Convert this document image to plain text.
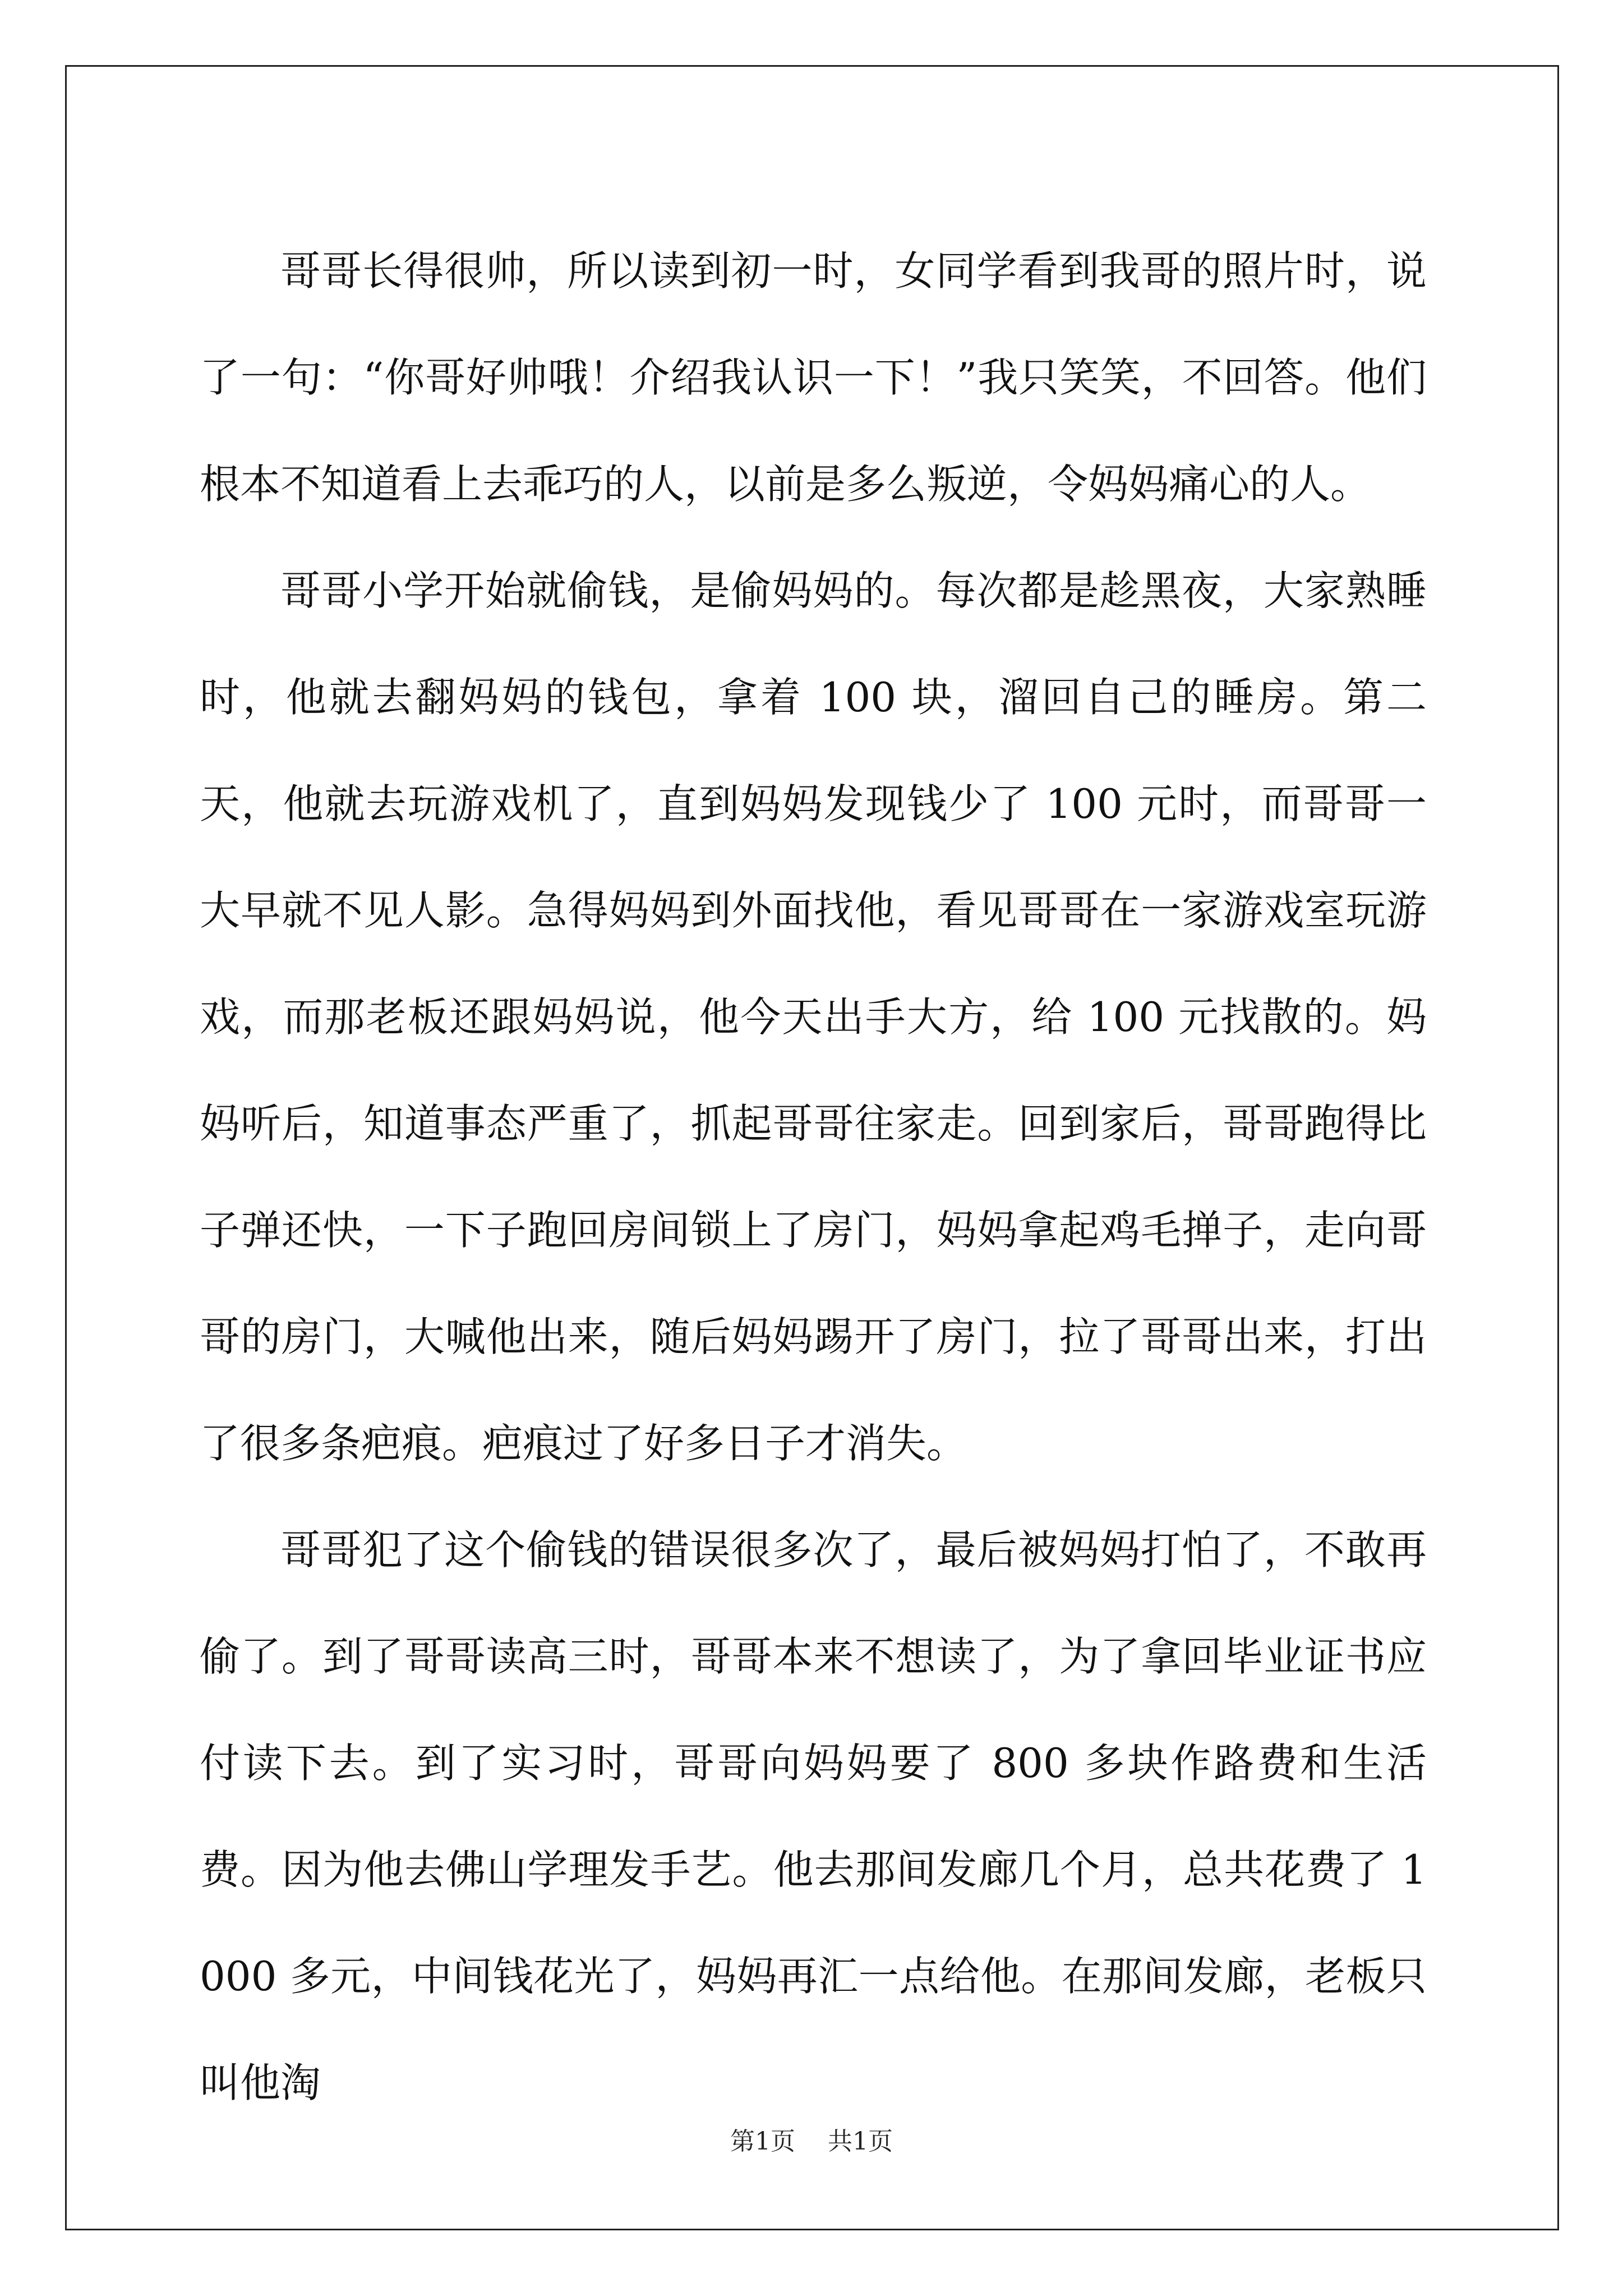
哥哥长得很帅，所以读到初一时，女同学看到我哥的照片时，说了一句：“你哥好帅哦！介绍我认识一下！”我只笑笑，不回答。他们根本不知道看上去乖巧的人，以前是多么叛逆，令妈妈痛心的人。

哥哥小学开始就偷钱，是偷妈妈的。每次都是趁黑夜，大家熟睡时，他就去翻妈妈的钱包，拿着 100 块，溜回自己的睡房。第二天，他就去玩游戏机了，直到妈妈发现钱少了 100 元时，而哥哥一大早就不见人影。急得妈妈到外面找他，看见哥哥在一家游戏室玩游戏，而那老板还跟妈妈说，他今天出手大方，给 100 元找散的。妈妈听后，知道事态严重了，抓起哥哥往家走。回到家后，哥哥跑得比子弹还快，一下子跑回房间锁上了房门，妈妈拿起鸡毛掸子，走向哥哥的房门，大喊他出来，随后妈妈踢开了房门，拉了哥哥出来，打出了很多条疤痕。疤痕过了好多日子才消失。

哥哥犯了这个偷钱的错误很多次了，最后被妈妈打怕了，不敢再偷了。到了哥哥读高三时，哥哥本来不想读了，为了拿回毕业证书应付读下去。到了实习时，哥哥向妈妈要了 800 多块作路费和生活费。因为他去佛山学理发手艺。他去那间发廊几个月，总共花费了 1000 多元，中间钱花光了，妈妈再汇一点给他。在那间发廊，老板只叫他淘

第1页 共1页
